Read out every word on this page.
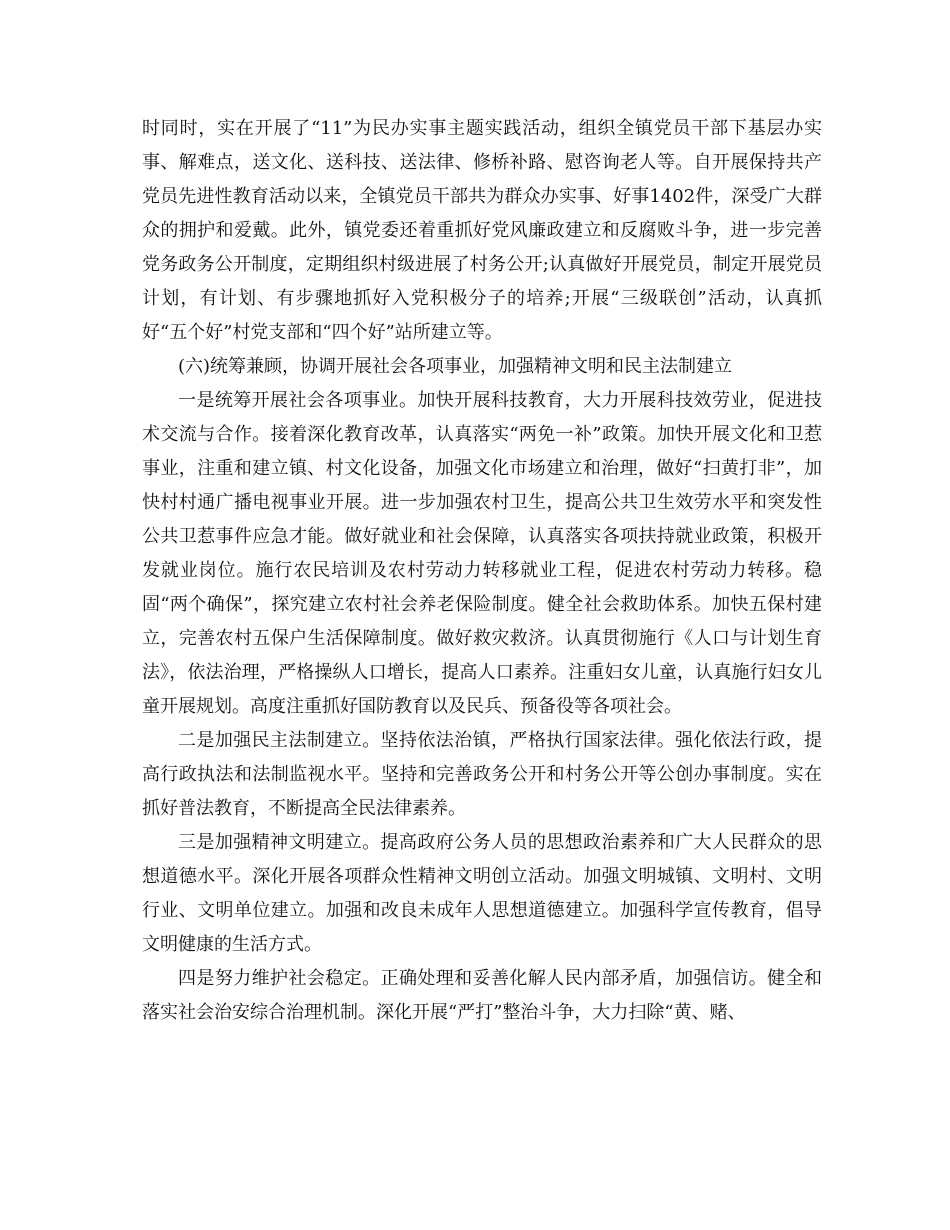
时同时，实在开展了“11”为民办实事主题实践活动，组织全镇党员干部下基层办实事、解难点，送文化、送科技、送法律、修桥补路、慰咨询老人等。自开展保持共产党员先进性教育活动以来，全镇党员干部共为群众办实事、好事1402件，深受广大群众的拥护和爱戴。此外，镇党委还着重抓好党风廉政建立和反腐败斗争，进一步完善党务政务公开制度，定期组织村级进展了村务公开;认真做好开展党员，制定开展党员计划，有计划、有步骤地抓好入党积极分子的培养;开展“三级联创”活动，认真抓好“五个好”村党支部和“四个好”站所建立等。

(六)统筹兼顾，协调开展社会各项事业，加强精神文明和民主法制建立

一是统筹开展社会各项事业。加快开展科技教育，大力开展科技效劳业，促进技术交流与合作。接着深化教育改革，认真落实“两免一补”政策。加快开展文化和卫惹事业，注重和建立镇、村文化设备，加强文化市场建立和治理，做好“扫黄打非”，加快村村通广播电视事业开展。进一步加强农村卫生，提高公共卫生效劳水平和突发性公共卫惹事件应急才能。做好就业和社会保障，认真落实各项扶持就业政策，积极开发就业岗位。施行农民培训及农村劳动力转移就业工程，促进农村劳动力转移。稳固“两个确保”，探究建立农村社会养老保险制度。健全社会救助体系。加快五保村建立，完善农村五保户生活保障制度。做好救灾救济。认真贯彻施行《人口与计划生育法》，依法治理，严格操纵人口增长，提高人口素养。注重妇女儿童，认真施行妇女儿童开展规划。高度注重抓好国防教育以及民兵、预备役等各项社会。

二是加强民主法制建立。坚持依法治镇，严格执行国家法律。强化依法行政，提高行政执法和法制监视水平。坚持和完善政务公开和村务公开等公创办事制度。实在抓好普法教育，不断提高全民法律素养。

三是加强精神文明建立。提高政府公务人员的思想政治素养和广大人民群众的思想道德水平。深化开展各项群众性精神文明创立活动。加强文明城镇、文明村、文明行业、文明单位建立。加强和改良未成年人思想道德建立。加强科学宣传教育，倡导文明健康的生活方式。

四是努力维护社会稳定。正确处理和妥善化解人民内部矛盾，加强信访。健全和落实社会治安综合治理机制。深化开展“严打”整治斗争，大力扫除“黄、赌、
